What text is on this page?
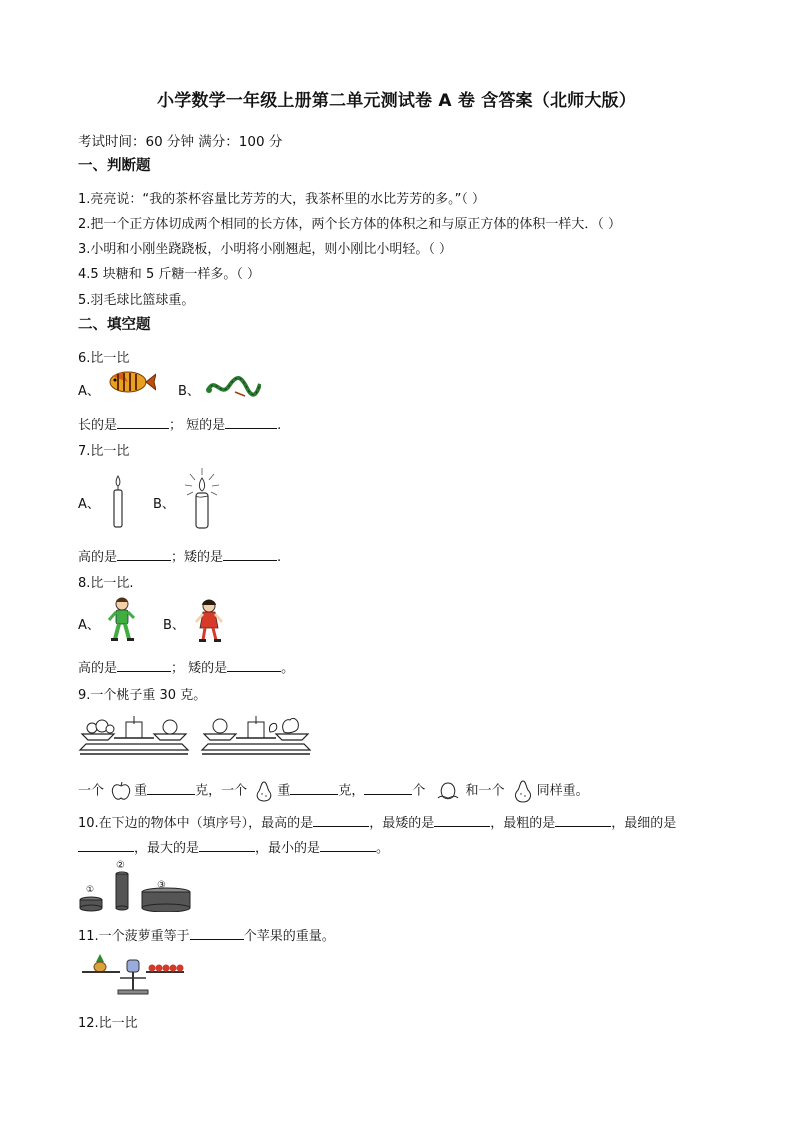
小学数学一年级上册第二单元测试卷 A 卷 含答案（北师大版）
考试时间：60 分钟 满分：100 分
一、判断题
1.亮亮说：“我的茶杯容量比芳芳的大，我茶杯里的水比芳芳的多。”（ ）
2.把一个正方体切成两个相同的长方体，两个长方体的体积之和与原正方体的体积一样大．（ ）
3.小明和小刚坐跷跷板，小明将小刚翘起，则小刚比小明轻。（ ）
4.5 块糖和 5 斤糖一样多。（ ）
5.羽毛球比篮球重。
二、填空题
6.比一比
A、	B、
长的是	； 短的是	.
7.比一比
A、	B、
高的是	；矮的是	.
8.比一比.
A、	B、
高的是	； 矮的是	。
9.一个桃子重 30 克。
一个 重	克，一个 重	克，	个	和一个 同样重。
10.在下边的物体中（填序号），最高的是	，最矮的是	，最粗的是	，最细的是
，最大的是	，最小的是	。
①
②
③
11.一个菠萝重等于	个苹果的重量。
12.比一比
